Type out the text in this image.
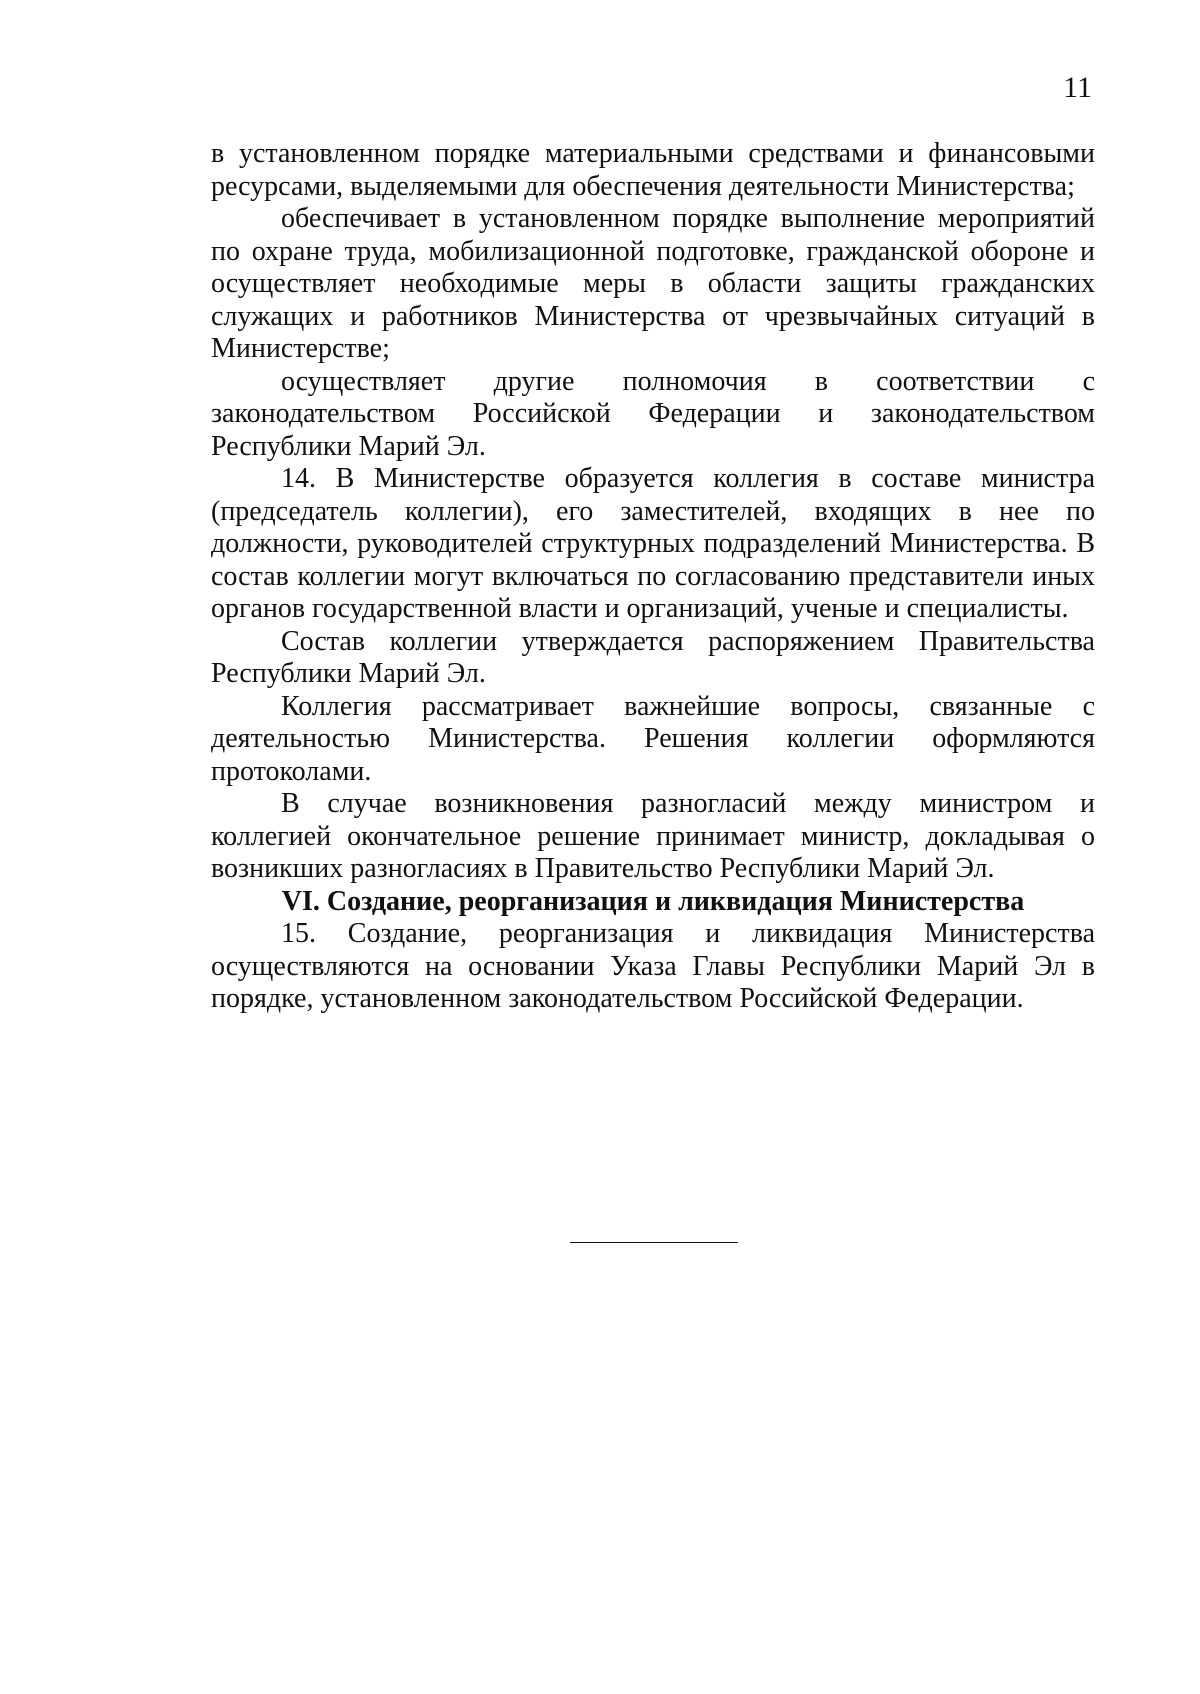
11

в установленном порядке материальными средствами и финансовыми ресурсами, выделяемыми для обеспечения деятельности Министерства;

обеспечивает в установленном порядке выполнение мероприятий по охране труда, мобилизационной подготовке, гражданской обороне и осуществляет необходимые меры в области защиты гражданских служащих и работников Министерства от чрезвычайных ситуаций в Министерстве;

осуществляет другие полномочия в соответствии с законодательством Российской Федерации и законодательством Республики Марий Эл.

14. В Министерстве образуется коллегия в составе министра (председатель коллегии), его заместителей, входящих в нее по должности, руководителей структурных подразделений Министерства. В состав коллегии могут включаться по согласованию представители иных органов государственной власти и организаций, ученые и специалисты.

Состав коллегии утверждается распоряжением Правительства Республики Марий Эл.

Коллегия рассматривает важнейшие вопросы, связанные с деятельностью Министерства. Решения коллегии оформляются протоколами.

В случае возникновения разногласий между министром и коллегией окончательное решение принимает министр, докладывая о возникших разногласиях в Правительство Республики Марий Эл.

VI. Создание, реорганизация и ликвидация Министерства

15. Создание, реорганизация и ликвидация Министерства осуществляются на основании Указа Главы Республики Марий Эл в порядке, установленном законодательством Российской Федерации.
